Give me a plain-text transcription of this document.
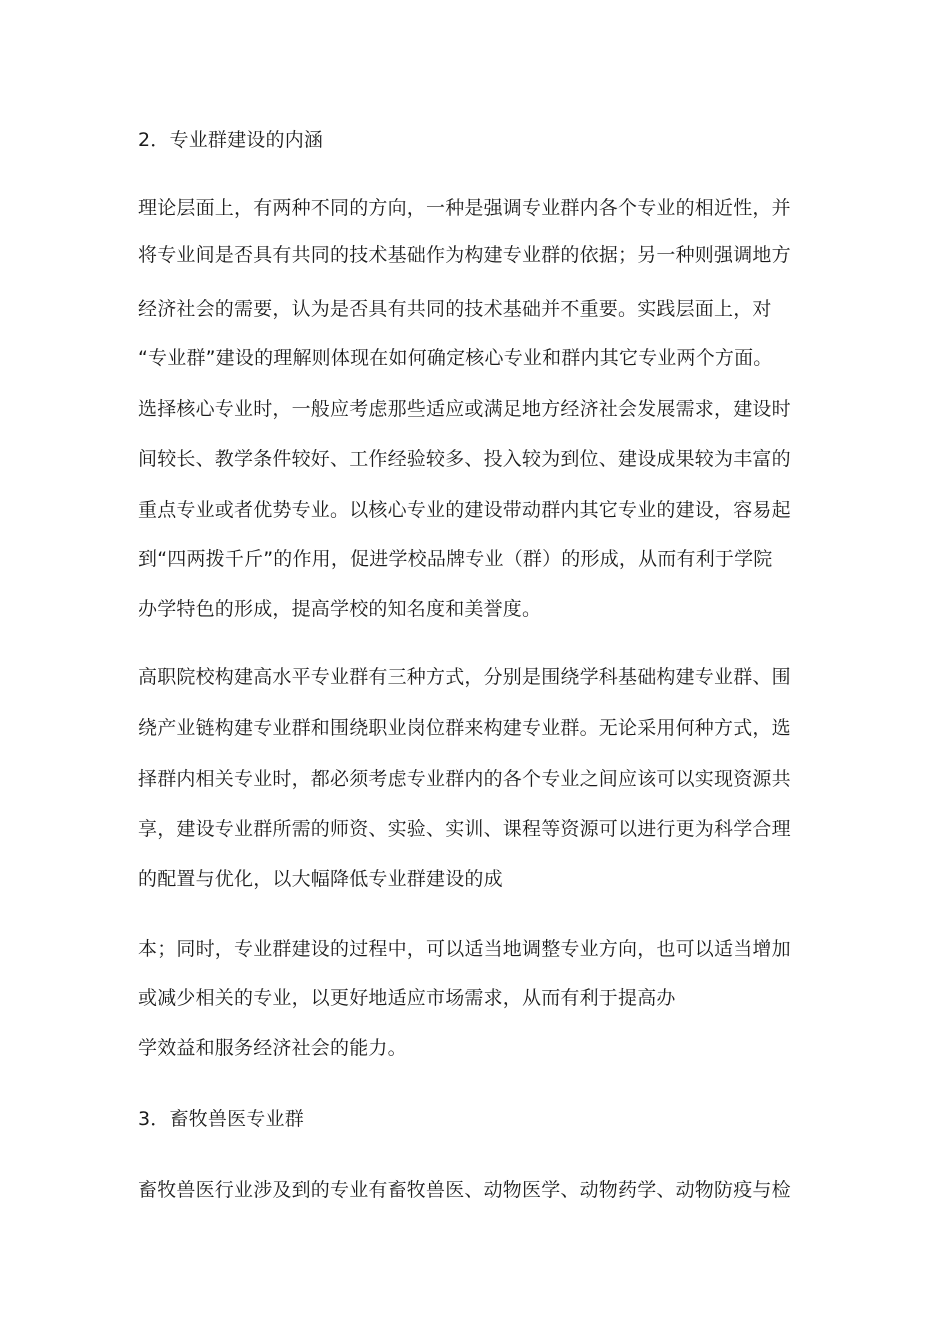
2．专业群建设的内涵
理论层面上，有两种不同的方向，一种是强调专业群内各个专业的相近性，并
将专业间是否具有共同的技术基础作为构建专业群的依据；另一种则强调地方
经济社会的需要，认为是否具有共同的技术基础并不重要。实践层面上，对
“专业群”建设的理解则体现在如何确定核心专业和群内其它专业两个方面。
选择核心专业时，一般应考虑那些适应或满足地方经济社会发展需求，建设时
间较长、教学条件较好、工作经验较多、投入较为到位、建设成果较为丰富的
重点专业或者优势专业。以核心专业的建设带动群内其它专业的建设，容易起
到“四两拨千斤”的作用，促进学校品牌专业（群）的形成，从而有利于学院
办学特色的形成，提高学校的知名度和美誉度。
高职院校构建高水平专业群有三种方式，分别是围绕学科基础构建专业群、围
绕产业链构建专业群和围绕职业岗位群来构建专业群。无论采用何种方式，选
择群内相关专业时，都必须考虑专业群内的各个专业之间应该可以实现资源共
享，建设专业群所需的师资、实验、实训、课程等资源可以进行更为科学合理
的配置与优化，以大幅降低专业群建设的成
本；同时，专业群建设的过程中，可以适当地调整专业方向，也可以适当增加
或减少相关的专业，以更好地适应市场需求，从而有利于提高办
学效益和服务经济社会的能力。
3．畜牧兽医专业群
畜牧兽医行业涉及到的专业有畜牧兽医、动物医学、动物药学、动物防疫与检
